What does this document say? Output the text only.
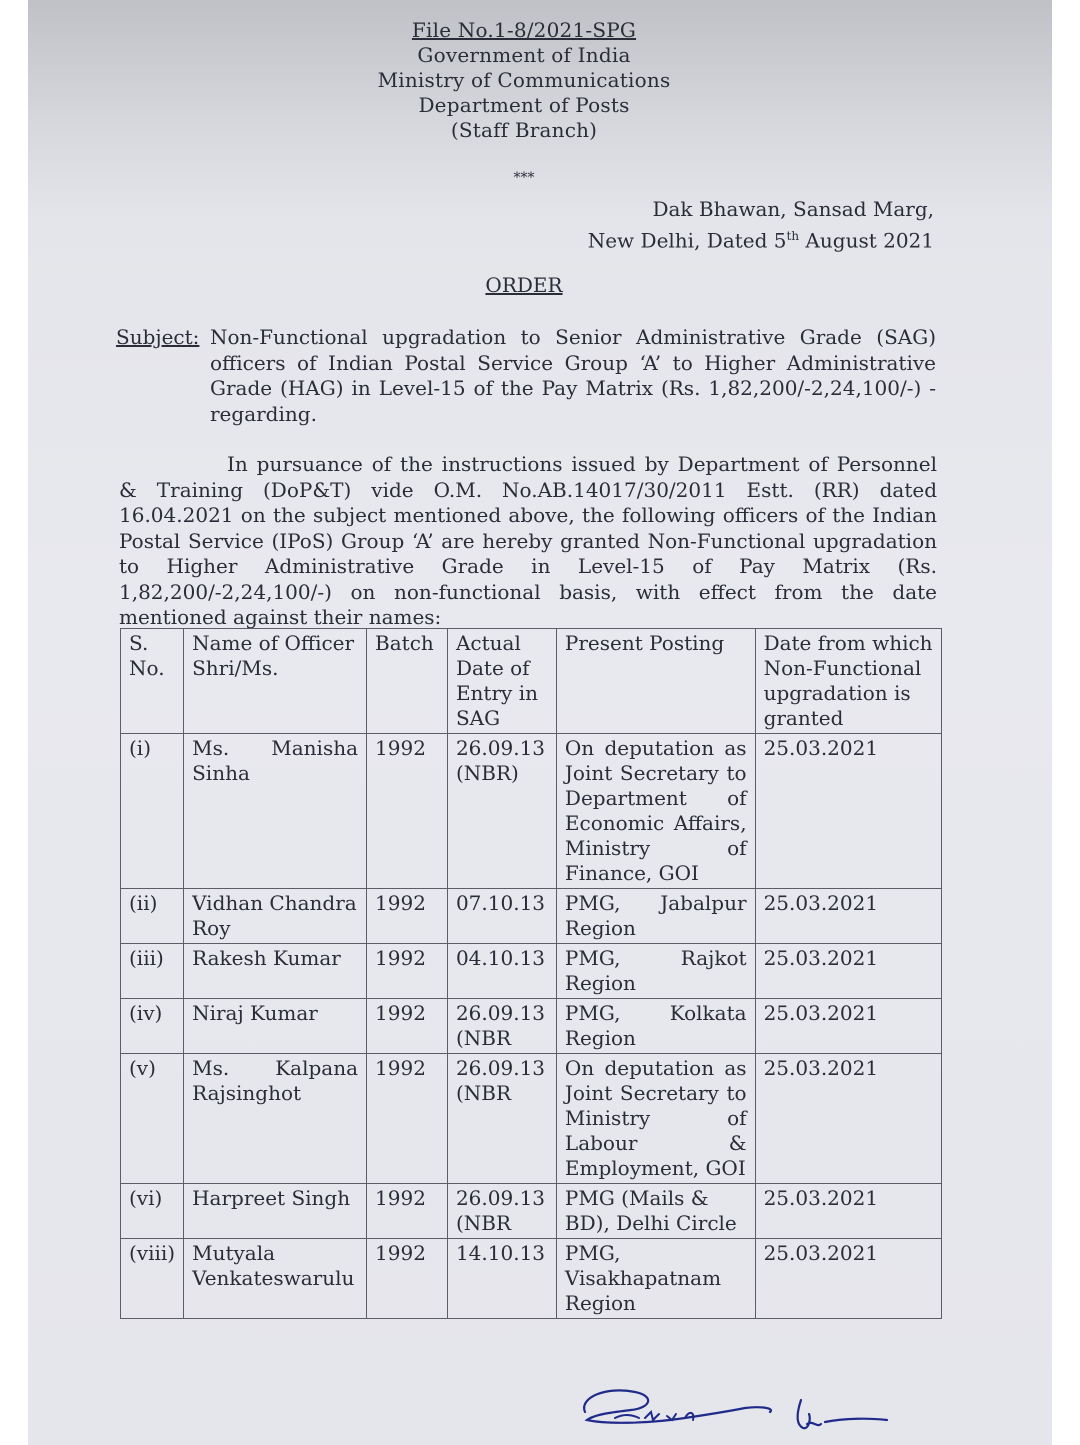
File No.1-8/2021-SPG
Government of India
Ministry of Communications
Department of Posts
(Staff Branch)
***
Dak Bhawan, Sansad Marg,
New Delhi, Dated 5th August 2021
ORDER
Subject: Non-Functional upgradation to Senior Administrative Grade (SAG) officers of Indian Postal Service Group ‘A’ to Higher Administrative Grade (HAG) in Level-15 of the Pay Matrix (Rs. 1,82,200/-2,24,100/-) - regarding.
In pursuance of the instructions issued by Department of Personnel & Training (DoP&T) vide O.M. No.AB.14017/30/2011 Estt. (RR) dated 16.04.2021 on the subject mentioned above, the following officers of the Indian Postal Service (IPoS) Group ‘A’ are hereby granted Non-Functional upgradation to Higher Administrative Grade in Level-15 of Pay Matrix (Rs. 1,82,200/-2,24,100/-) on non-functional basis, with effect from the date mentioned against their names:
S. No.	Name of Officer Shri/Ms.	Batch	Actual Date of Entry in SAG	Present Posting	Date from which Non-Functional upgradation is granted
(i)	Ms. Manisha Sinha	1992	26.09.13 (NBR)	On deputation as Joint Secretary to Department of Economic Affairs, Ministry of Finance, GOI	25.03.2021
(ii)	Vidhan Chandra Roy	1992	07.10.13	PMG, Jabalpur Region	25.03.2021
(iii)	Rakesh Kumar	1992	04.10.13	PMG, Rajkot Region	25.03.2021
(iv)	Niraj Kumar	1992	26.09.13 (NBR	PMG, Kolkata Region	25.03.2021
(v)	Ms. Kalpana Rajsinghot	1992	26.09.13 (NBR	On deputation as Joint Secretary to Ministry of Labour & Employment, GOI	25.03.2021
(vi)	Harpreet Singh	1992	26.09.13 (NBR	PMG (Mails & BD), Delhi Circle	25.03.2021
(viii)	Mutyala Venkateswarulu	1992	14.10.13	PMG, Visakhapatnam Region	25.03.2021
